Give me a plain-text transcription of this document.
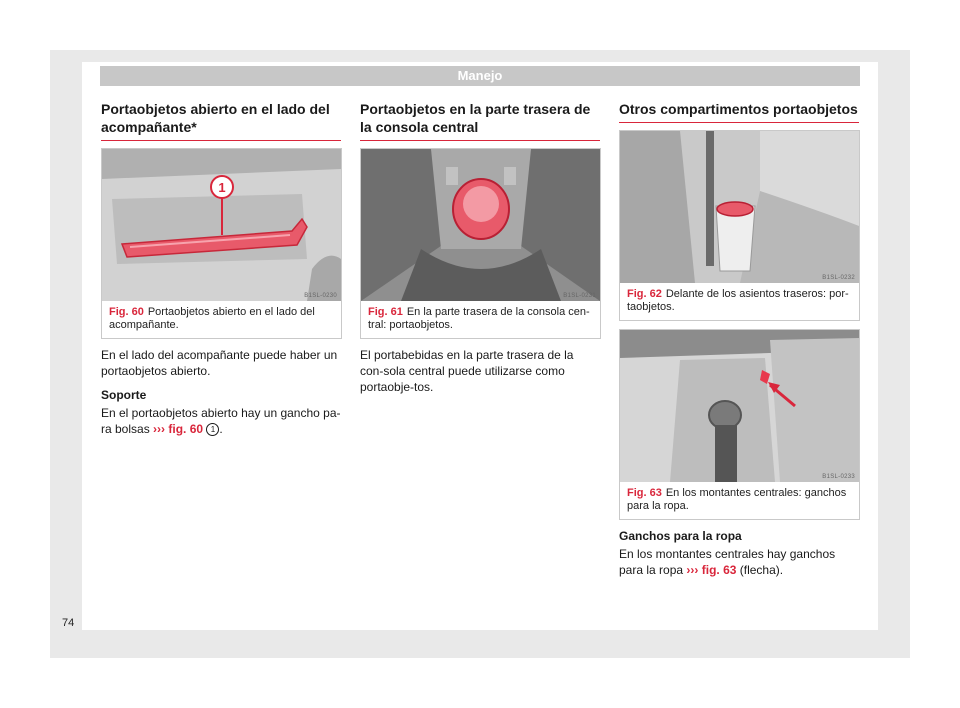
Manejo
Portaobjetos abierto en el lado del acompañante*
1
B1SL-0230
Fig. 60 Portaobjetos abierto en el lado del acompañante.

En el lado del acompañante puede haber un portaobjetos abierto.

Soporte

En el portaobjetos abierto hay un gancho pa-ra bolsas ››› fig. 60 1 .

Portaobjetos en la parte trasera de la consola central
B1SL-0231
Fig. 61 En la parte trasera de la consola cen-tral: portaobjetos.

El portabebidas en la parte trasera de la con-sola central puede utilizarse como portaobje-tos.

Otros compartimentos portaobjetos
B1SL-0232
Fig. 62 Delante de los asientos traseros: por-taobjetos.
B1SL-0233
Fig. 63 En los montantes centrales: ganchos para la ropa.

Ganchos para la ropa

En los montantes centrales hay ganchos para la ropa ››› fig. 63 (flecha).

74
